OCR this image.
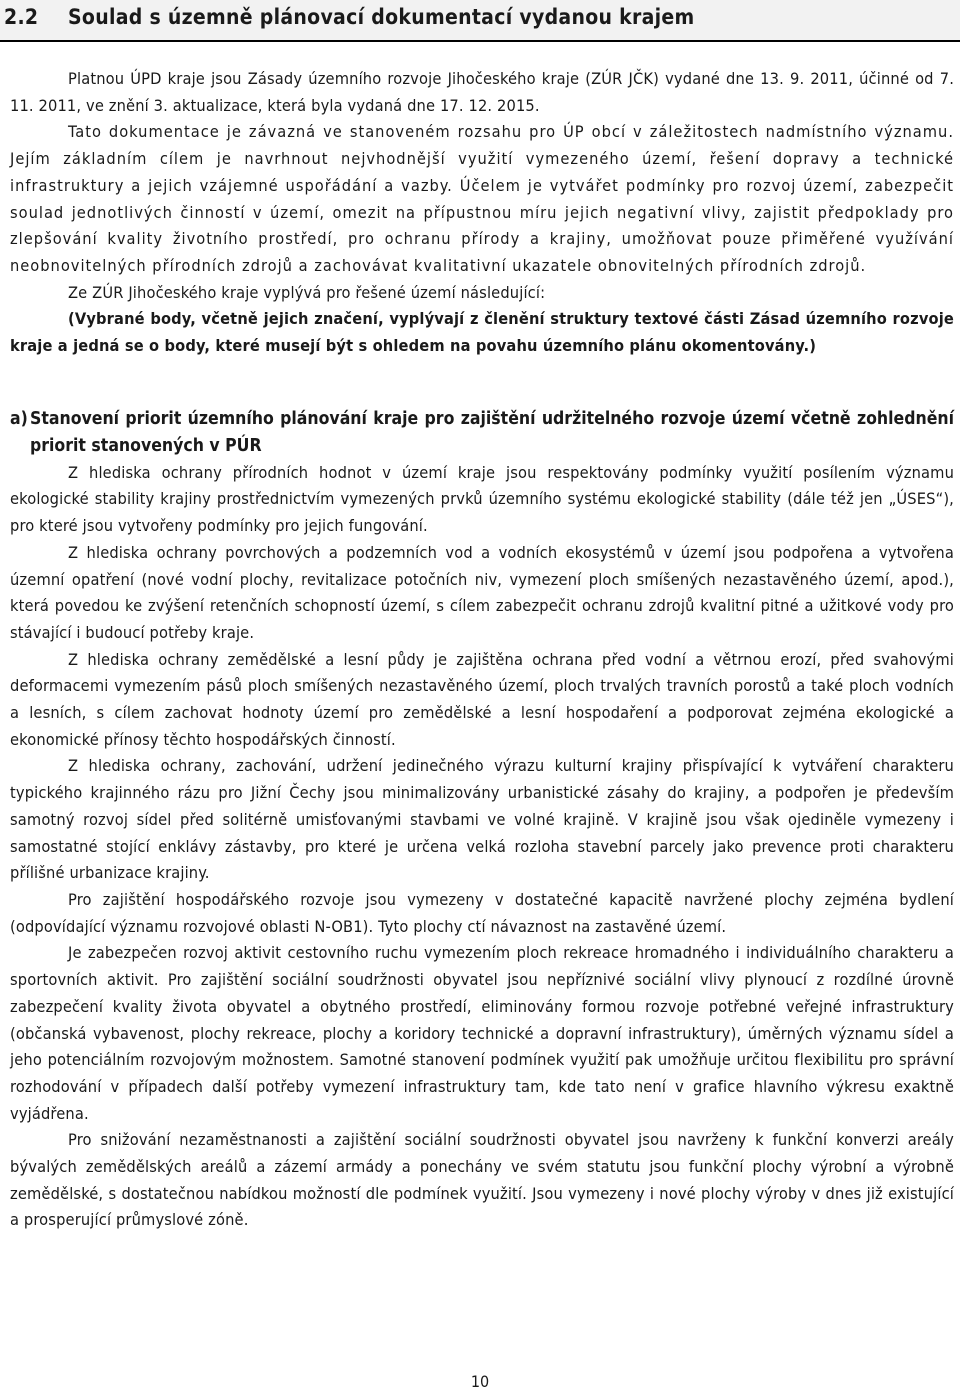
2.2 Soulad s územně plánovací dokumentací vydanou krajem

Platnou ÚPD kraje jsou Zásady územního rozvoje Jihočeského kraje (ZÚR JČK) vydané dne 13. 9. 2011, účinné od 7. 11. 2011, ve znění 3. aktualizace, která byla vydaná dne 17. 12. 2015.

Tato dokumentace je závazná ve stanoveném rozsahu pro ÚP obcí v záležitostech nadmístního významu. Jejím základním cílem je navrhnout nejvhodnější využití vymezeného území, řešení dopravy a technické infrastruktury a jejich vzájemné uspořádání a vazby. Účelem je vytvářet podmínky pro rozvoj území, zabezpečit soulad jednotlivých činností v území, omezit na přípustnou míru jejich negativní vlivy, zajistit předpoklady pro zlepšování kvality životního prostředí, pro ochranu přírody a krajiny, umožňovat pouze přiměřené využívání neobnovitelných přírodních zdrojů a zachovávat kvalitativní ukazatele obnovitelných přírodních zdrojů.

Ze ZÚR Jihočeského kraje vyplývá pro řešené území následující:

(Vybrané body, včetně jejich značení, vyplývají z členění struktury textové části Zásad územního rozvoje kraje a jedná se o body, které musejí být s ohledem na povahu územního plánu okomentovány.)

a) Stanovení priorit územního plánování kraje pro zajištění udržitelného rozvoje území včetně zohlednění priorit stanovených v PÚR

Z hlediska ochrany přírodních hodnot v území kraje jsou respektovány podmínky využití posílením významu ekologické stability krajiny prostřednictvím vymezených prvků územního systému ekologické stability (dále též jen „ÚSES“), pro které jsou vytvořeny podmínky pro jejich fungování.

Z hlediska ochrany povrchových a podzemních vod a vodních ekosystémů v území jsou podpořena a vytvořena územní opatření (nové vodní plochy, revitalizace potočních niv, vymezení ploch smíšených nezastavěného území, apod.), která povedou ke zvýšení retenčních schopností území, s cílem zabezpečit ochranu zdrojů kvalitní pitné a užitkové vody pro stávající i budoucí potřeby kraje.

Z hlediska ochrany zemědělské a lesní půdy je zajištěna ochrana před vodní a větrnou erozí, před svahovými deformacemi vymezením pásů ploch smíšených nezastavěného území, ploch trvalých travních porostů a také ploch vodních a lesních, s cílem zachovat hodnoty území pro zemědělské a lesní hospodaření a podporovat zejména ekologické a ekonomické přínosy těchto hospodářských činností.

Z hlediska ochrany, zachování, udržení jedinečného výrazu kulturní krajiny přispívající k vytváření charakteru typického krajinného rázu pro Jižní Čechy jsou minimalizovány urbanistické zásahy do krajiny, a podpořen je především samotný rozvoj sídel před solitérně umisťovanými stavbami ve volné krajině. V krajině jsou však ojediněle vymezeny i samostatné stojící enklávy zástavby, pro které je určena velká rozloha stavební parcely jako prevence proti charakteru přílišné urbanizace krajiny.

Pro zajištění hospodářského rozvoje jsou vymezeny v dostatečné kapacitě navržené plochy zejména bydlení (odpovídající významu rozvojové oblasti N-OB1). Tyto plochy ctí návaznost na zastavěné území.

Je zabezpečen rozvoj aktivit cestovního ruchu vymezením ploch rekreace hromadného i individuálního charakteru a sportovních aktivit. Pro zajištění sociální soudržnosti obyvatel jsou nepříznivé sociální vlivy plynoucí z rozdílné úrovně zabezpečení kvality života obyvatel a obytného prostředí, eliminovány formou rozvoje potřebné veřejné infrastruktury (občanská vybavenost, plochy rekreace, plochy a koridory technické a dopravní infrastruktury), úměrných významu sídel a jeho potenciálním rozvojovým možnostem. Samotné stanovení podmínek využití pak umožňuje určitou flexibilitu pro správní rozhodování v případech další potřeby vymezení infrastruktury tam, kde tato není v grafice hlavního výkresu exaktně vyjádřena.

Pro snižování nezaměstnanosti a zajištění sociální soudržnosti obyvatel jsou navrženy k funkční konverzi areály bývalých zemědělských areálů a zázemí armády a ponechány ve svém statutu jsou funkční plochy výrobní a výrobně zemědělské, s dostatečnou nabídkou možností dle podmínek využití. Jsou vymezeny i nové plochy výroby v dnes již existující a prosperující průmyslové zóně.

10
